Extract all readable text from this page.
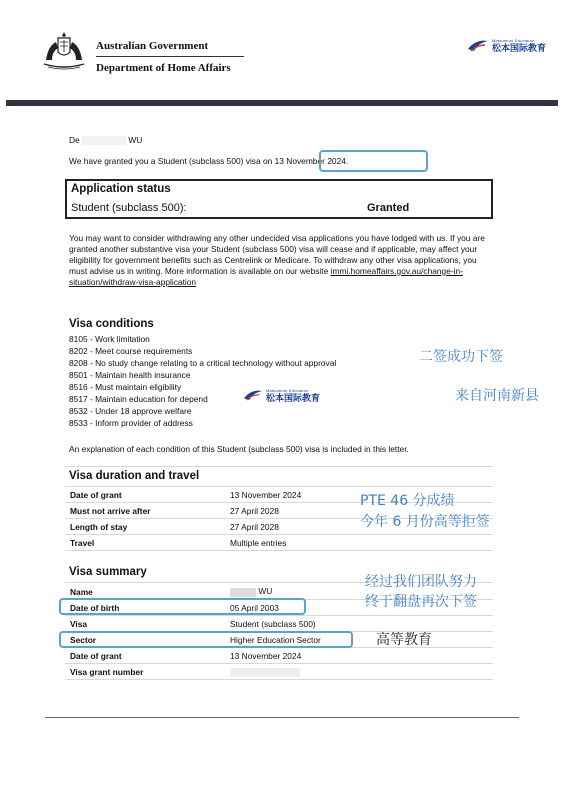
Australian Government
Department of Home Affairs
Matsumoto Education
松本国际教育
De	WU
We have granted you a Student (subclass 500) visa on 13 November 2024.
Application status
Student (subclass 500):	Granted
You may want to consider withdrawing any other undecided visa applications you have lodged with us. If you are granted another substantive visa your Student (subclass 500) visa will cease and if applicable, may affect your eligibility for government benefits such as Centrelink or Medicare. To withdraw any other visa applications, you must advise us in writing. More information is available on our website immi.homeaffairs.gov.au/change-in-situation/withdraw-visa-application
Visa conditions
8105 - Work limitation
8202 - Meet course requirements
8208 - No study change relating to a critical technology without approval
8501 - Maintain health insurance
8516 - Must maintain eligibility
8517 - Maintain education for depend
8532 - Under 18 approve welfare
8533 - Inform provider of address
Matsumoto Education
松本国际教育
An explanation of each condition of this Student (subclass 500) visa is included in this letter.
Visa duration and travel
Date of grant	13 November 2024
Must not arrive after	27 April 2028
Length of stay	27 April 2028
Travel	Multiple entries
Visa summary
Name	WU
Date of birth	05 April 2003
Visa	Student (subclass 500)
Sector	Higher Education Sector
Date of grant	13 November 2024
Visa grant number	
二签成功下签
来自河南新县
PTE 46 分成绩
今年 6 月份高等拒签
经过我们团队努力
终于翻盘再次下签
高等教育
